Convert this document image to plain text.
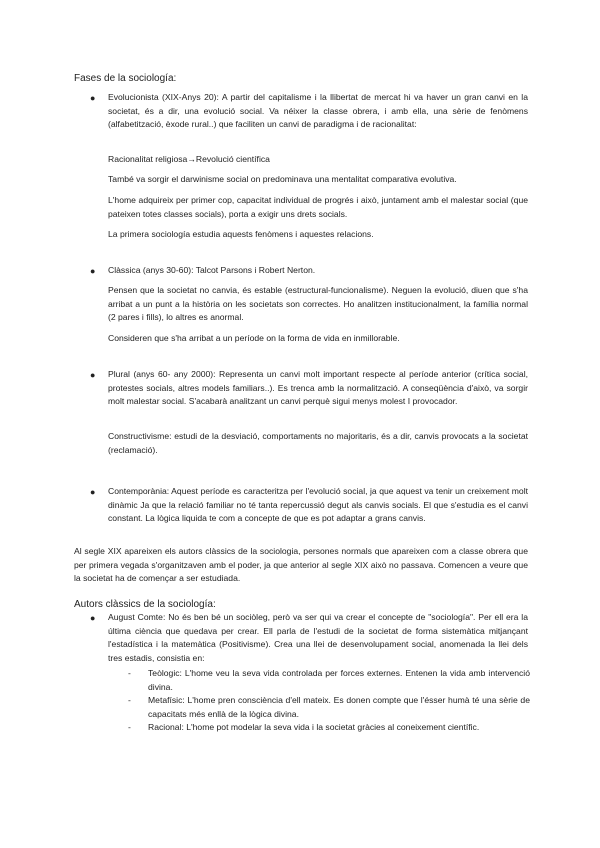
Fases de la sociología:
● Evolucionista (XIX-Anys 20): A partir del capitalisme i la llibertat de mercat hi va haver un gran canvi en la societat, és a dir, una evolució social. Va néixer la classe obrera, i amb ella, una sèrie de fenòmens (alfabetització, èxode rural..) que faciliten un canvi de paradigma i de racionalitat:

Racionalitat religiosa→Revolució científica

També va sorgir el darwinisme social on predominava una mentalitat comparativa evolutiva.

L'home adquireix per primer cop, capacitat individual de progrés i això, juntament amb el malestar social (que pateixen totes classes socials), porta a exigir uns drets socials.

La primera sociología estudia aquests fenòmens i aquestes relacions.

● Clàssica (anys 30-60): Talcot Parsons i Robert Nerton.

Pensen que la societat no canvia, és estable (estructural-funcionalisme). Neguen la evolució, diuen que s'ha arribat a un punt a la història on les societats son correctes. Ho analitzen institucionalment, la família normal (2 pares i fills), lo altres es anormal.

Consideren que s'ha arribat a un període on la forma de vida en inmillorable.

● Plural (anys 60- any 2000): Representa un canvi molt important respecte al període anterior (crítica social, protestes socials, altres models familiars..). Es trenca amb la normalització. A conseqüència d'això, va sorgir molt malestar social. S'acabarà analitzant un canvi perquè sigui menys molest I provocador.

Constructivisme: estudi de la desviació, comportaments no majoritaris, és a dir, canvis provocats a la societat (reclamació).

● Contemporània: Aquest període es caracteritza per l'evolució social, ja que aquest va tenir un creixement molt dinàmic Ja que la relació familiar no té tanta repercussió degut als canvis socials. El que s'estudia es el canvi constant. La lògica liquida te com a concepte de que es pot adaptar a grans canvis.

Al segle XIX apareixen els autors clàssics de la sociologia, persones normals que apareixen com a classe obrera que per primera vegada s'organitzaven amb el poder, ja que anterior al segle XIX això no passava. Comencen a veure que la societat ha de començar a ser estudiada.

Autors clàssics de la sociología:
● August Comte: No és ben bé un sociòleg, però va ser qui va crear el concepte de "sociología". Per ell era la última ciència que quedava per crear. Ell parla de l'estudi de la societat de forma sistemàtica mitjançant l'estadística i la matemàtica (Positivisme). Crea una llei de desenvolupament social, anomenada la llei dels tres estadis, consistia en:

- Teòlogic: L'home veu la seva vida controlada per forces externes. Entenen la vida amb intervenció divina.

- Metafísic: L'home pren consciència d'ell mateix. Es donen compte que l'ésser humà té una sèrie de capacitats més enllà de la lògica divina.

- Racional: L'home pot modelar la seva vida i la societat gràcies al coneixement científic.
